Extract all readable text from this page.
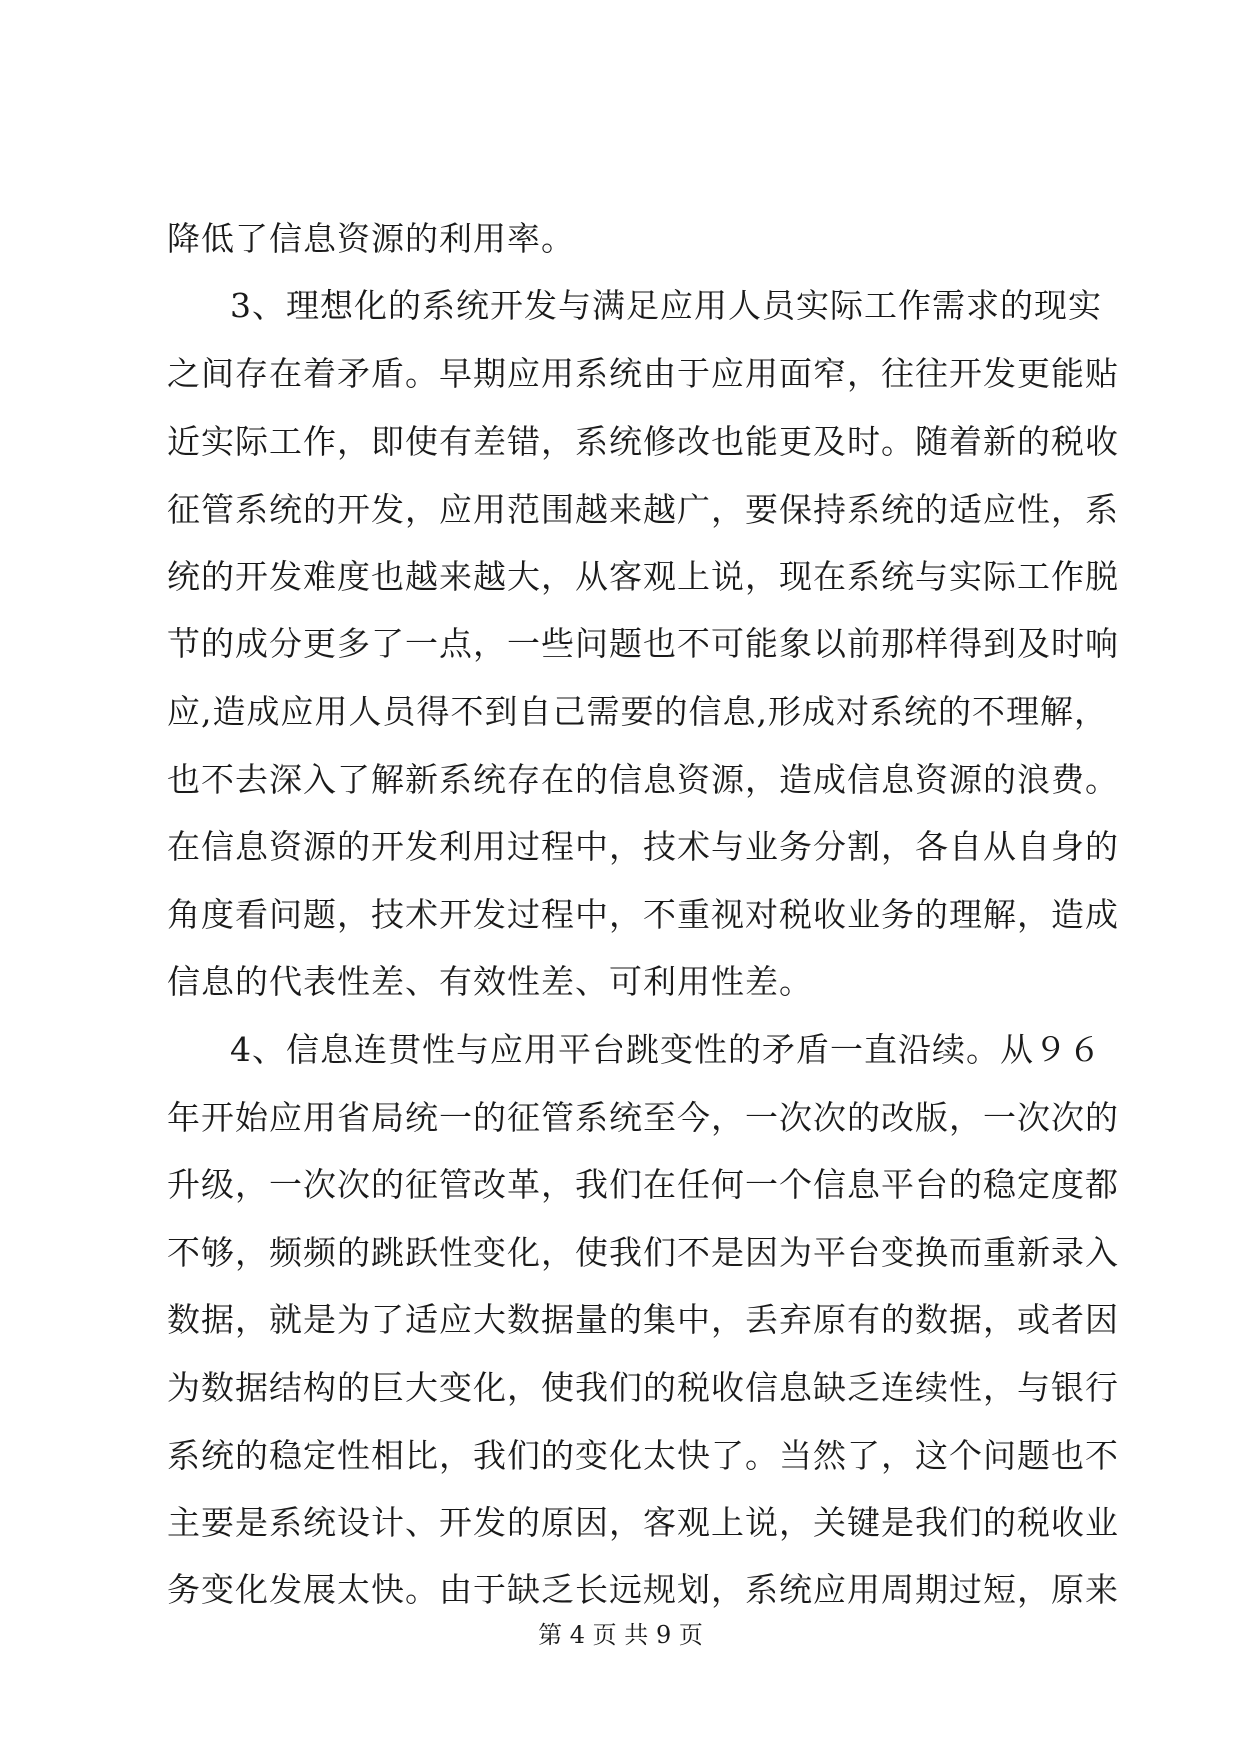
降低了信息资源的利用率。
3、理想化的系统开发与满足应用人员实际工作需求的现实
之间存在着矛盾。早期应用系统由于应用面窄，往往开发更能贴
近实际工作，即使有差错，系统修改也能更及时。随着新的税收
征管系统的开发，应用范围越来越广，要保持系统的适应性，系
统的开发难度也越来越大，从客观上说，现在系统与实际工作脱
节的成分更多了一点，一些问题也不可能象以前那样得到及时响
应,造成应用人员得不到自己需要的信息,形成对系统的不理解，
也不去深入了解新系统存在的信息资源，造成信息资源的浪费。
在信息资源的开发利用过程中，技术与业务分割，各自从自身的
角度看问题，技术开发过程中，不重视对税收业务的理解，造成
信息的代表性差、有效性差、可利用性差。
4、信息连贯性与应用平台跳变性的矛盾一直沿续。从９６
年开始应用省局统一的征管系统至今，一次次的改版，一次次的
升级，一次次的征管改革，我们在任何一个信息平台的稳定度都
不够，频频的跳跃性变化，使我们不是因为平台变换而重新录入
数据，就是为了适应大数据量的集中，丢弃原有的数据，或者因
为数据结构的巨大变化，使我们的税收信息缺乏连续性，与银行
系统的稳定性相比，我们的变化太快了。当然了，这个问题也不
主要是系统设计、开发的原因，客观上说，关键是我们的税收业
务变化发展太快。由于缺乏长远规划，系统应用周期过短，原来
第 4 页 共 9 页
